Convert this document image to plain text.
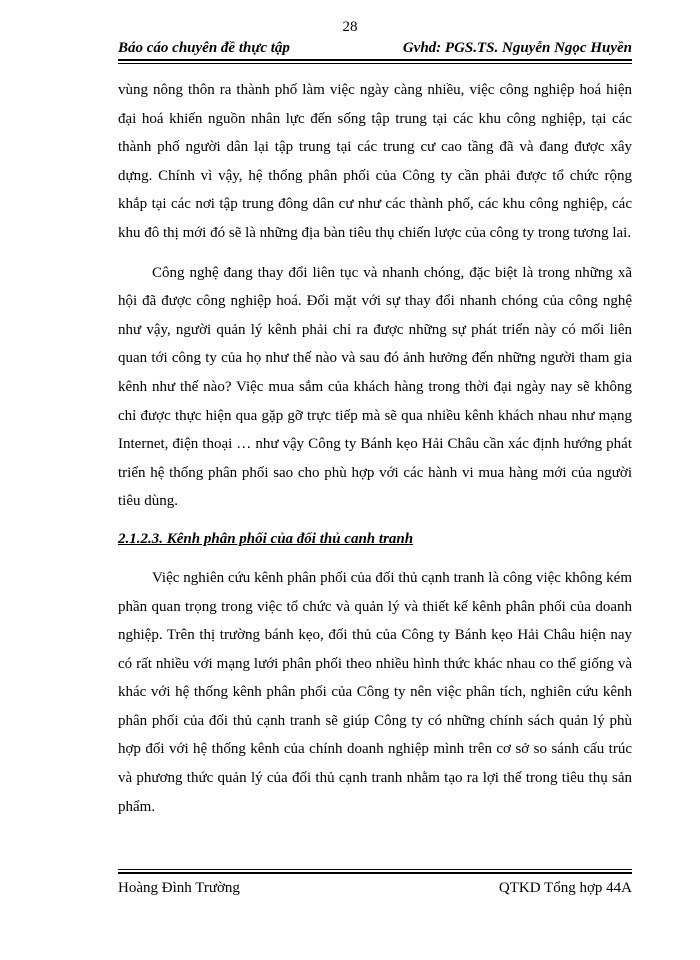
28
Báo cáo chuyên đề thực tập	Gvhd: PGS.TS. Nguyễn Ngọc Huyền

vùng nông thôn ra thành phố làm việc ngày càng nhiều, việc công nghiệp hoá hiện đại hoá khiến nguồn nhân lực đến sống tập trung tại các khu công nghiệp, tại các thành phố người dân lại tập trung tại các trung cư cao tầng đã và đang được xây dựng. Chính vì vậy, hệ thống phân phối của Công ty cần phải được tổ chức rộng khắp tại các nơi tập trung đông dân cư như các thành phố, các khu công nghiệp, các khu đô thị mới đó sẽ là những địa bàn tiêu thụ chiến lược của công ty trong tương lai.

Công nghệ đang thay đổi liên tục và nhanh chóng, đặc biệt là trong những xã hội đã được công nghiệp hoá. Đối mặt với sự thay đổi nhanh chóng của công nghệ như vậy, người quản lý kênh phải chỉ ra được những sự phát triển này có mối liên quan tới công ty của họ như thế nào và sau đó ảnh hưởng đến những người tham gia kênh như thế nào? Việc mua sắm của khách hàng trong thời đại ngày nay sẽ không chỉ được thực hiện qua gặp gỡ trực tiếp mà sẽ qua nhiều kênh khách nhau như mạng Internet, điện thoại … như vậy Công ty Bánh kẹo Hải Châu cần xác định hướng phát triển hệ thống phân phối sao cho phù hợp với các hành vi mua hàng mới của người tiêu dùng.

2.1.2.3. Kênh phân phối của đối thủ canh tranh

Việc nghiên cứu kênh phân phối của đối thủ cạnh tranh là công việc không kém phần quan trọng trong việc tổ chức và quản lý và thiết kế kênh phân phối của doanh nghiệp. Trên thị trường bánh kẹo, đối thủ của Công ty Bánh kẹo Hải Châu hiện nay có rất nhiều với mạng lưới phân phối theo nhiều hình thức khác nhau co thể giống và khác với hệ thống kênh phân phối của Công ty nên việc phân tích, nghiên cứu kênh phân phối của đối thủ cạnh tranh sẽ giúp Công ty có những chính sách quản lý phù hợp đối với hệ thống kênh của chính doanh nghiệp mình trên cơ sở so sánh cấu trúc và phương thức quản lý của đối thủ cạnh tranh nhằm tạo ra lợi thế trong tiêu thụ sản phẩm.

Hoàng Đình Trường	QTKD Tổng hợp 44A
